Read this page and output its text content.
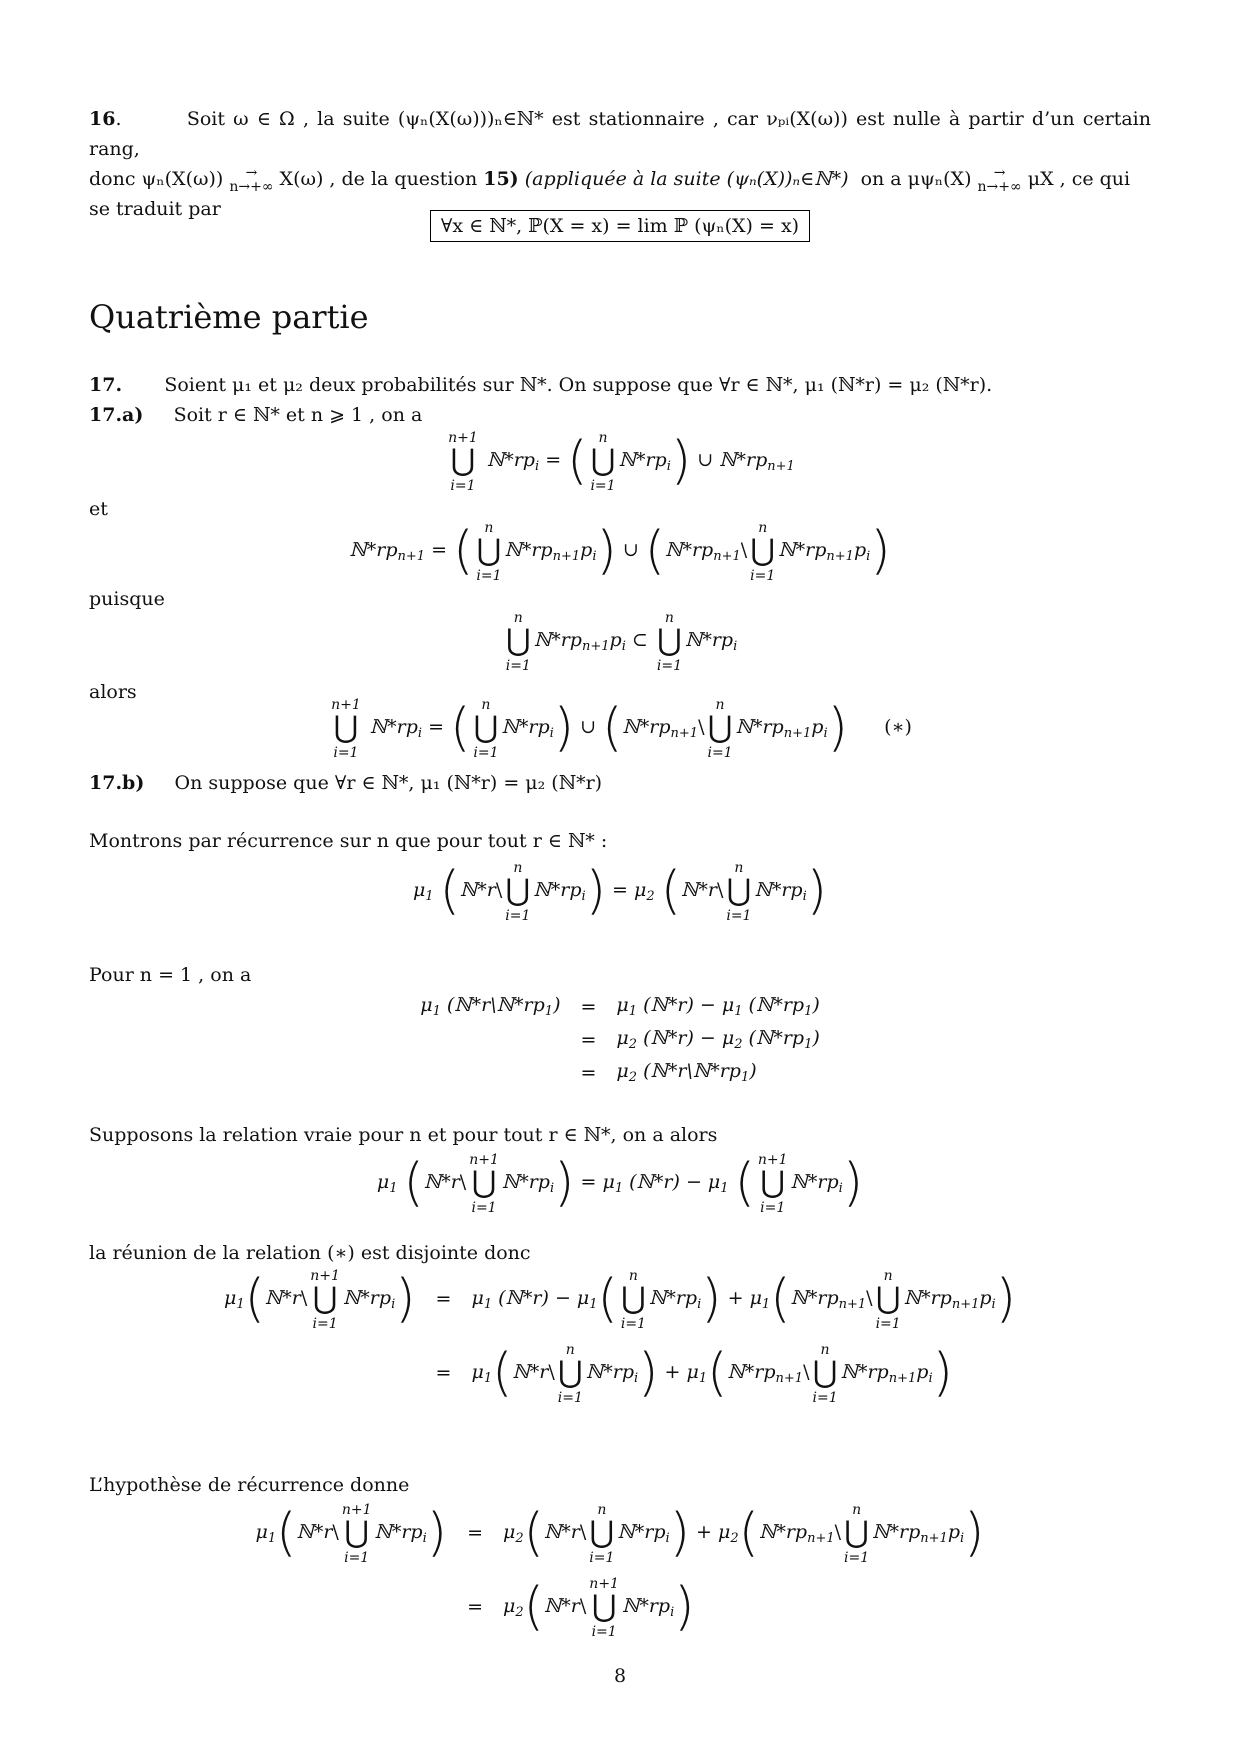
16.        Soit ω ∈ Ω , la suite (ψₙ(X(ω)))ₙ∈ℕ* est stationnaire , car νₚᵢ(X(ω)) est nulle à partir d’un certain rang,
donc ψₙ(X(ω)) →
n→+∞ X(ω) , de la question 15) (appliquée à la suite (ψₙ(X))ₙ∈ℕ*) on a μψₙ(X) →
n→+∞ μX , ce qui
se traduit par
∀x ∈ ℕ*, ℙ(X = x) = lim ℙ (ψₙ(X) = x)
Quatrième partie
17. Soient μ₁ et μ₂ deux probabilités sur ℕ*. On suppose que ∀r ∈ ℕ*, μ₁ (ℕ*r) = μ₂ (ℕ*r).
17.a) Soit r ∈ ℕ* et n ⩾ 1 , on a
n+1
⋃
i=1 $ℕ*rp_i$ = ( n
⋃
$i=1ℕ*rp_i$) ∪ $ℕ*rp_{n+1}$
et
$ℕ*rp_{n+1}$ = ( n
⋃
$i=1ℕ*rp_{n+1}p_i$) ∪ ($ℕ*rp_{n+1}\backslash n$
⋃
$i=1ℕ*rp_{n+1}p_i$)
puisque
n
⋃
$i=1ℕ*rp_{n+1}p_i$ ⊂ n
⋃
$i=1ℕ*rp_i$
alors
n+1
⋃
i=1 $ℕ*rp_i$ = ( n
⋃
$i=1ℕ*rp_i$) ∪ ($ℕ*rp_{n+1}\backslash n$
⋃
$i=1ℕ*rp_{n+1}p_i$) (∗)
17.b) On suppose que ∀r ∈ ℕ*, μ₁ (ℕ*r) = μ₂ (ℕ*r)
Montrons par récurrence sur n que pour tout r ∈ ℕ* :
$\mu_1$ (ℕ*r\n
⋃
$i=1ℕ*rp_i) = \mu_2$ (ℕ*r\n
⋃
$i=1ℕ*rp_i$)
Pour n = 1 , on a
$\mu_1$ $(ℕ*r\backslash ℕ*rp_1)$	=	$\mu_1$ (ℕ*r) − $\mu_1$ $(ℕ*rp_1)$
	=	$\mu_2$ (ℕ*r) − $\mu_2$ $(ℕ*rp_1)$
	=	$\mu_2$ $(ℕ*r\backslash ℕ*rp_1)$
Supposons la relation vraie pour n et pour tout r ∈ ℕ*, on a alors
$\mu_1$ (ℕ*r\n+1
⋃
$i=1ℕ*rp_i) = \mu_1$ (ℕ*r) − $\mu_1$ ( n+1
⋃
$i=1ℕ*rp_i$)
la réunion de la relation (∗) est disjointe donc
$\mu_1(ℕ*r\backslash n+1$
⋃
$i=1ℕ*rp_i$)	=	$\mu_1$ (ℕ*r) − $\mu_1$( n
⋃
$i=1ℕ*rp_i$) + $\mu_1(ℕ*rp_{n+1}\backslash n$
⋃
$i=1ℕ*rp_{n+1}p_i$)
	=	$\mu_1(ℕ*r\backslash n$
⋃
$i=1ℕ*rp_i$) + $\mu_1(ℕ*rp_{n+1}\backslash n$
⋃
$i=1ℕ*rp_{n+1}p_i$)
L’hypothèse de récurrence donne
$\mu_1(ℕ*r\backslash n+1$
⋃
$i=1ℕ*rp_i$)	=	$\mu_2(ℕ*r\backslash n$
⋃
$i=1ℕ*rp_i$) + $\mu_2(ℕ*rp_{n+1}\backslash n$
⋃
$i=1ℕ*rp_{n+1}p_i$)
	=	$\mu_2(ℕ*r\backslash n+1$
⋃
$i=1ℕ*rp_i$)
8
